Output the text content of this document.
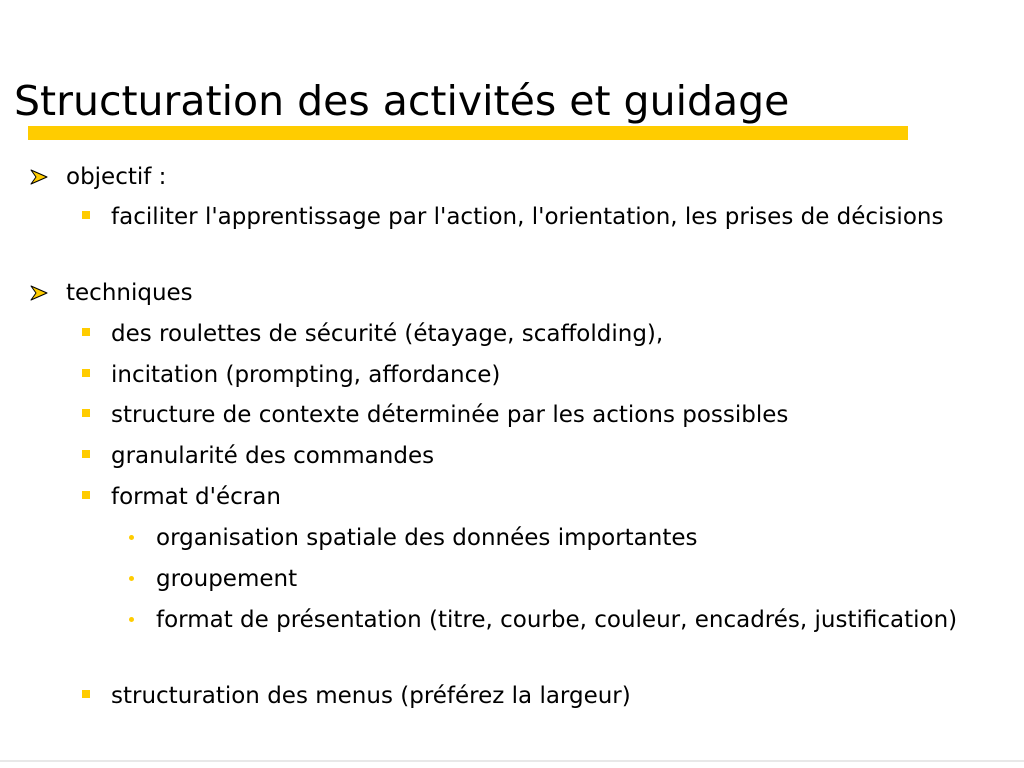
Structuration des activités et guidage
objectif :
faciliter l'apprentissage par l'action, l'orientation, les prises de décisions
techniques
des roulettes de sécurité (étayage, scaffolding),
incitation (prompting, affordance)
structure de contexte déterminée par les actions possibles
granularité des commandes
format d'écran
organisation spatiale des données importantes
groupement
format de présentation (titre, courbe, couleur, encadrés, justification)
structuration des menus (préférez la largeur)
